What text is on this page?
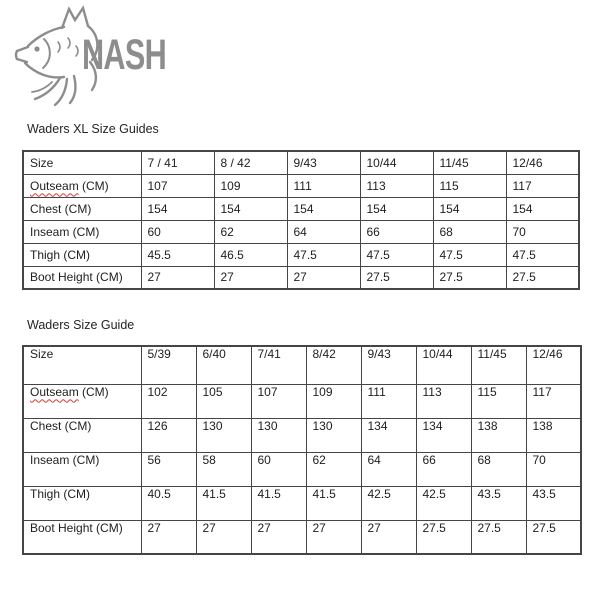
NASH
Waders XL Size Guides
Size	7 / 41	8 / 42	9/43	10/44	11/45	12/46
Outseam (CM)	107	109	111	113	115	117
Chest (CM)	154	154	154	154	154	154
Inseam (CM)	60	62	64	66	68	70
Thigh (CM)	45.5	46.5	47.5	47.5	47.5	47.5
Boot Height (CM)	27	27	27	27.5	27.5	27.5
Waders Size Guide
Size	5/39	6/40	7/41	8/42	9/43	10/44	11/45	12/46
Outseam (CM)	102	105	107	109	111	113	115	117
Chest (CM)	126	130	130	130	134	134	138	138
Inseam (CM)	56	58	60	62	64	66	68	70
Thigh (CM)	40.5	41.5	41.5	41.5	42.5	42.5	43.5	43.5
Boot Height (CM)	27	27	27	27	27	27.5	27.5	27.5
